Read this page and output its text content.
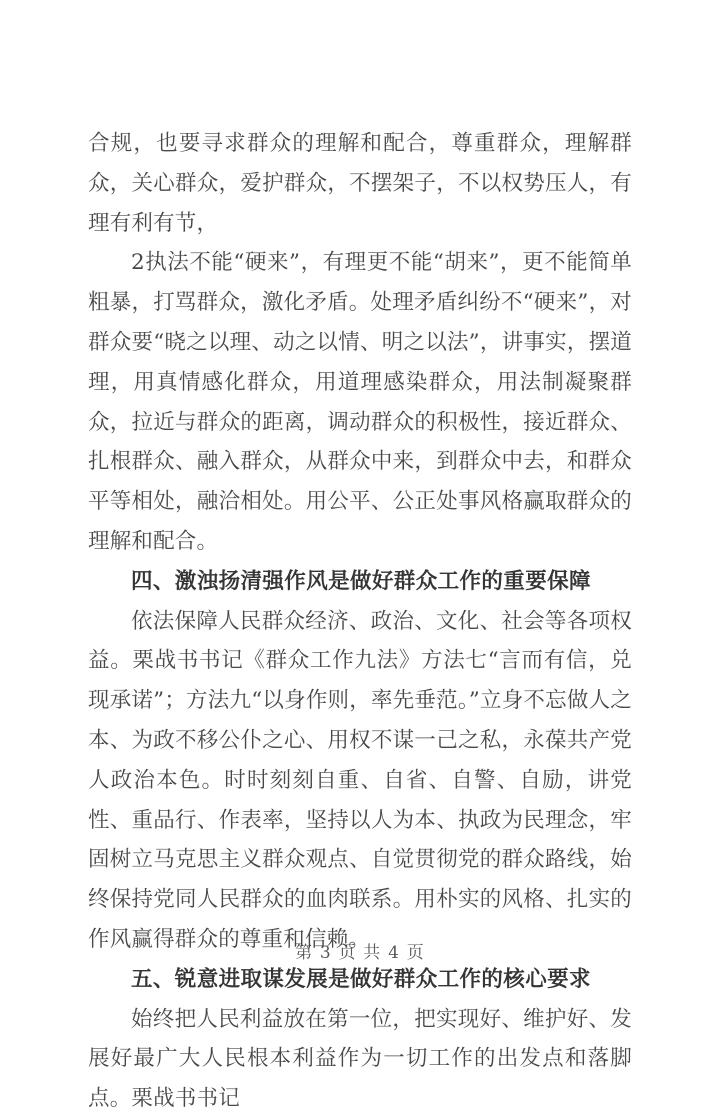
合规，也要寻求群众的理解和配合，尊重群众，理解群众，关心群众，爱护群众，不摆架子，不以权势压人，有理有利有节，

2执法不能“硬来”，有理更不能“胡来”，更不能简单粗暴，打骂群众，激化矛盾。处理矛盾纠纷不“硬来”，对群众要“晓之以理、动之以情、明之以法”，讲事实，摆道理，用真情感化群众，用道理感染群众，用法制凝聚群众，拉近与群众的距离，调动群众的积极性，接近群众、扎根群众、融入群众，从群众中来，到群众中去，和群众平等相处，融洽相处。用公平、公正处事风格赢取群众的理解和配合。

四、激浊扬清强作风是做好群众工作的重要保障

依法保障人民群众经济、政治、文化、社会等各项权益。栗战书书记《群众工作九法》方法七“言而有信，兑现承诺”；方法九“以身作则，率先垂范。”立身不忘做人之本、为政不移公仆之心、用权不谋一己之私，永葆共产党人政治本色。时时刻刻自重、自省、自警、自励，讲党性、重品行、作表率，坚持以人为本、执政为民理念，牢固树立马克思主义群众观点、自觉贯彻党的群众路线，始终保持党同人民群众的血肉联系。用朴实的风格、扎实的作风赢得群众的尊重和信赖。

五、锐意进取谋发展是做好群众工作的核心要求

始终把人民利益放在第一位，把实现好、维护好、发展好最广大人民根本利益作为一切工作的出发点和落脚点。栗战书书记

第 3 页 共 4 页
